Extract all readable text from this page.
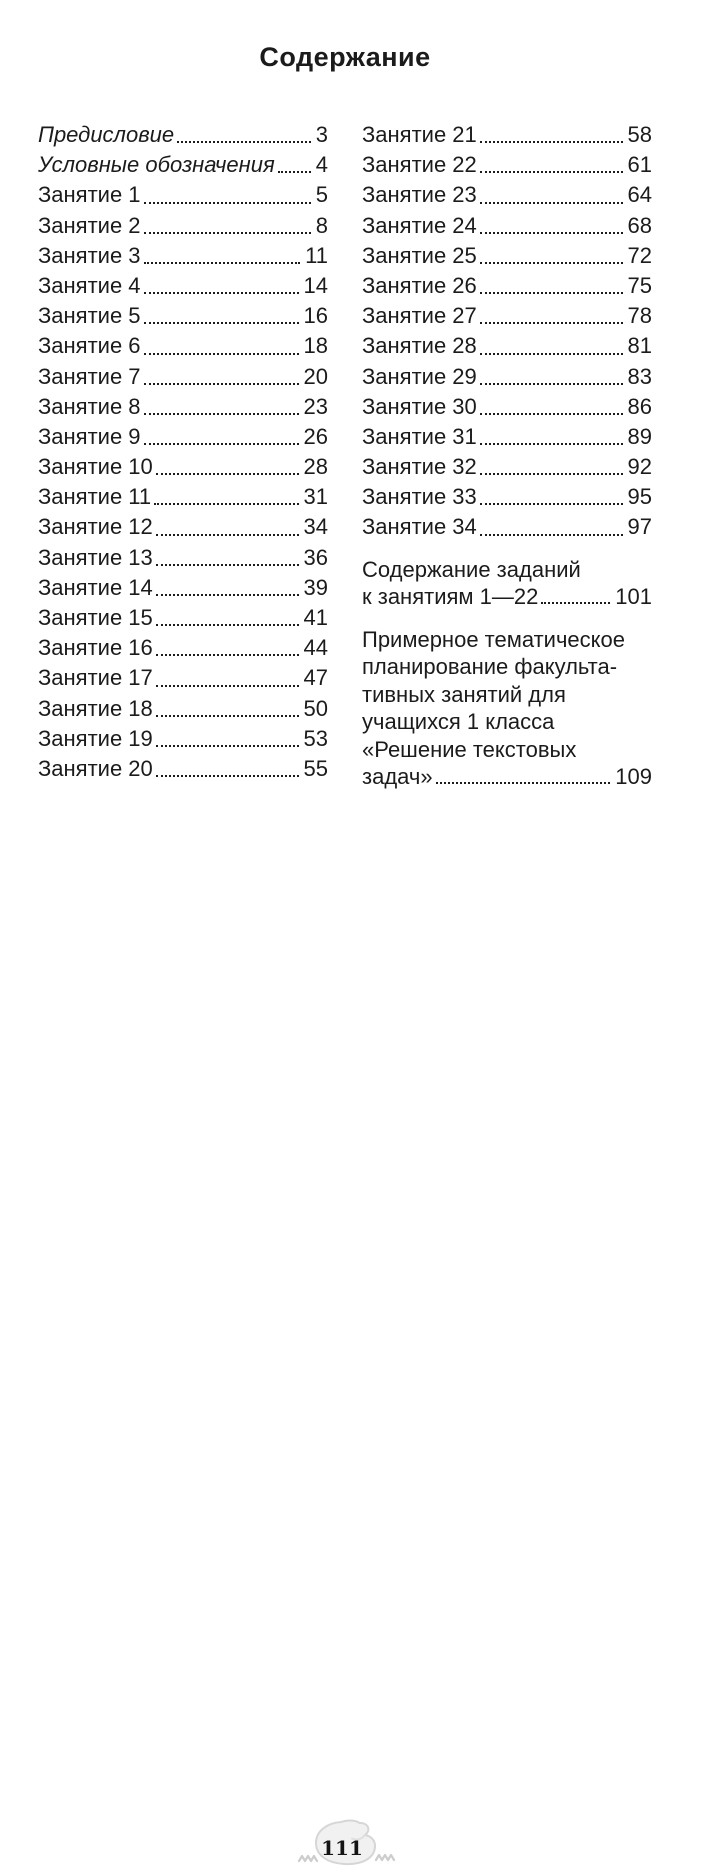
Содержание
Предисловие	3
Условные обозначения 4
Занятие 1	5
Занятие 2	8
Занятие 3	11
Занятие 4	14
Занятие 5	16
Занятие 6	18
Занятие 7	20
Занятие 8	23
Занятие 9	26
Занятие 10	28
Занятие 11	31
Занятие 12	34
Занятие 13	36
Занятие 14	39
Занятие 15	41
Занятие 16	44
Занятие 17	47
Занятие 18	50
Занятие 19	53
Занятие 20	55
Занятие 21	58
Занятие 22	61
Занятие 23	64
Занятие 24	68
Занятие 25	72
Занятие 26	75
Занятие 27	78
Занятие 28	81
Занятие 29	83
Занятие 30	86
Занятие 31	89
Занятие 32	92
Занятие 33	95
Занятие 34	97
Содержание заданий
к занятиям 1—22	101
Примерное тематическое
планирование факульта-
тивных занятий для
учащихся 1 класса
«Решение текстовых
задач»	109
111
